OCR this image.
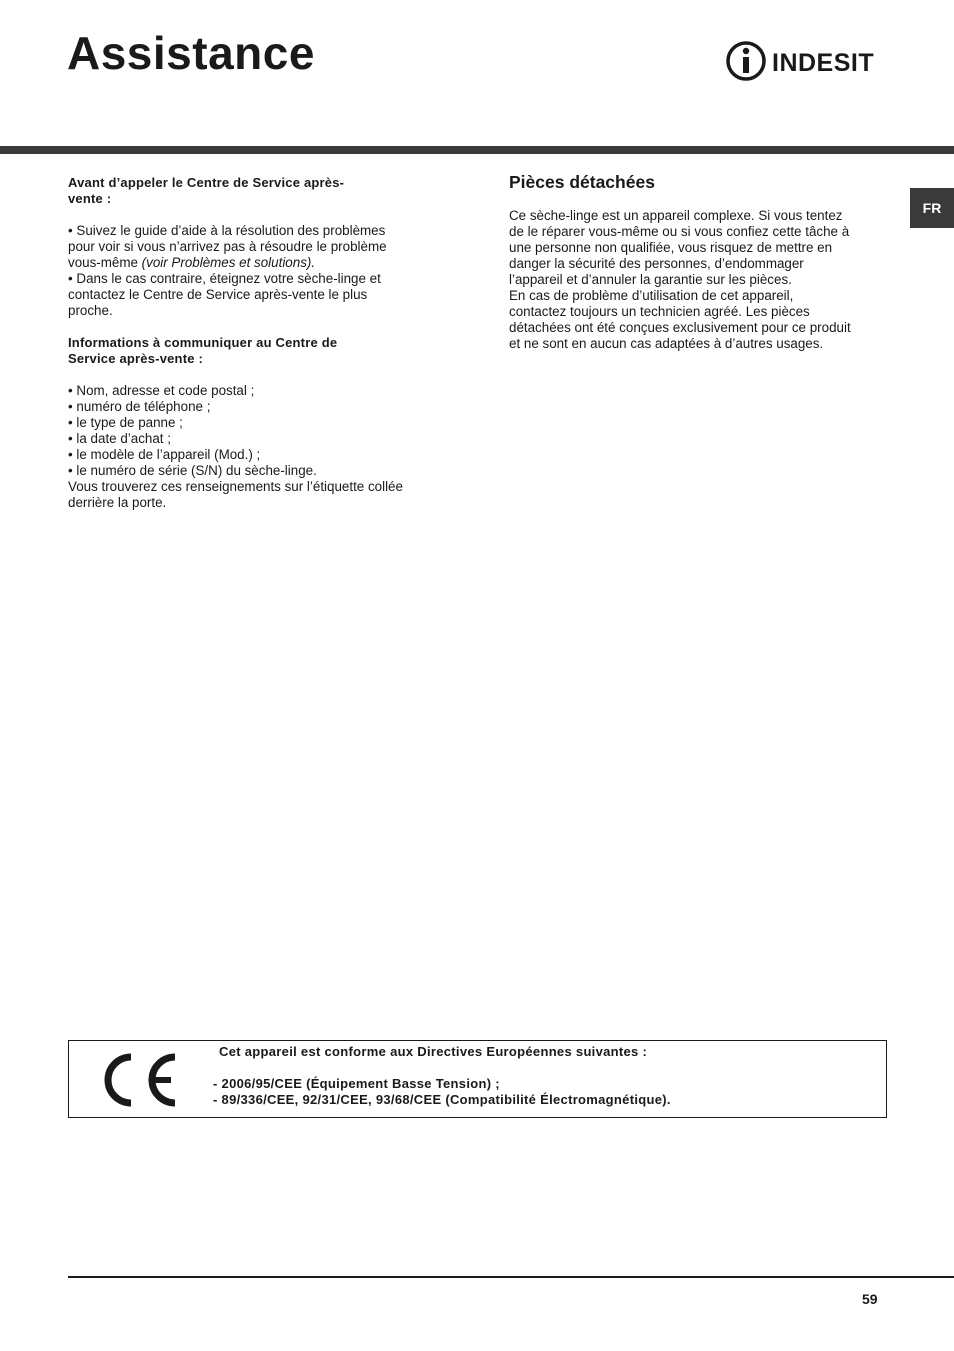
Assistance	INDESIT
FR

Avant d’appeler le Centre de Service après-
vente :

• Suivez le guide d’aide à la résolution des problèmes
pour voir si vous n’arrivez pas à résoudre le problème
vous-même (voir Problèmes et solutions).

• Dans le cas contraire, éteignez votre sèche-linge et
contactez le Centre de Service après-vente le plus
proche.

Informations à communiquer au Centre de
Service après-vente :

• Nom, adresse et code postal ;
• numéro de téléphone ;
• le type de panne ;
• la date d’achat ;
• le modèle de l’appareil (Mod.) ;
• le numéro de série (S/N) du sèche-linge.

Vous trouverez ces renseignements sur l’étiquette collée
derrière la porte.

Pièces détachées

Ce sèche-linge est un appareil complexe. Si vous tentez
de le réparer vous-même ou si vous confiez cette tâche à
une personne non qualifiée, vous risquez de mettre en
danger la sécurité des personnes, d’endommager
l’appareil et d’annuler la garantie sur les pièces.
En cas de problème d’utilisation de cet appareil,
contactez toujours un technicien agréé. Les pièces
détachées ont été conçues exclusivement pour ce produit
et ne sont en aucun cas adaptées à d’autres usages.

Cet appareil est conforme aux Directives Européennes suivantes :

- 2006/95/CEE (Équipement Basse Tension) ;

- 89/336/CEE, 92/31/CEE, 93/68/CEE (Compatibilité Électromagnétique).

59
